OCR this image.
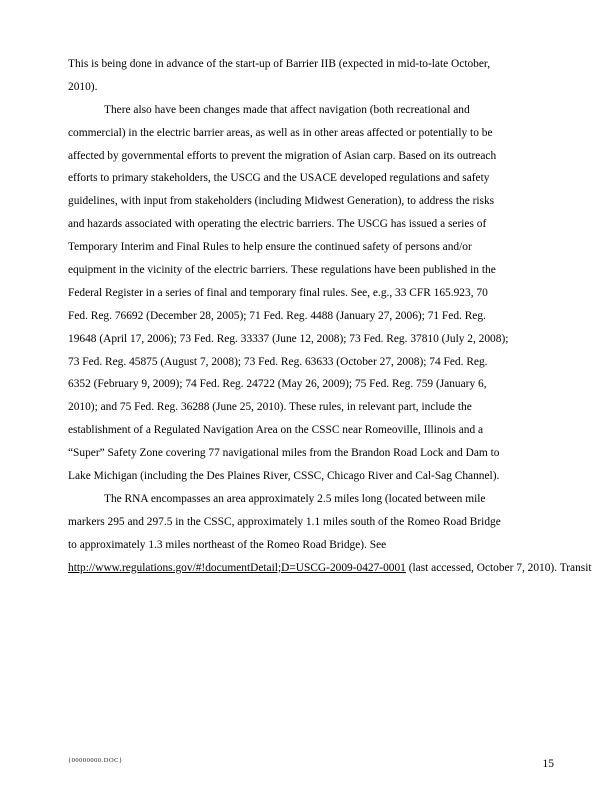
This is being done in advance of the start-up of Barrier IIB (expected in mid-to-late October,
2010).
There also have been changes made that affect navigation (both recreational and
commercial) in the electric barrier areas, as well as in other areas affected or potentially to be
affected by governmental efforts to prevent the migration of Asian carp. Based on its outreach
efforts to primary stakeholders, the USCG and the USACE developed regulations and safety
guidelines, with input from stakeholders (including Midwest Generation), to address the risks
and hazards associated with operating the electric barriers. The USCG has issued a series of
Temporary Interim and Final Rules to help ensure the continued safety of persons and/or
equipment in the vicinity of the electric barriers. These regulations have been published in the
Federal Register in a series of final and temporary final rules. See, e.g., 33 CFR 165.923, 70
Fed. Reg. 76692 (December 28, 2005); 71 Fed. Reg. 4488 (January 27, 2006); 71 Fed. Reg.
19648 (April 17, 2006); 73 Fed. Reg. 33337 (June 12, 2008); 73 Fed. Reg. 37810 (July 2, 2008);
73 Fed. Reg. 45875 (August 7, 2008); 73 Fed. Reg. 63633 (October 27, 2008); 74 Fed. Reg.
6352 (February 9, 2009); 74 Fed. Reg. 24722 (May 26, 2009); 75 Fed. Reg. 759 (January 6,
2010); and 75 Fed. Reg. 36288 (June 25, 2010). These rules, in relevant part, include the
establishment of a Regulated Navigation Area on the CSSC near Romeoville, Illinois and a
“Super” Safety Zone covering 77 navigational miles from the Brandon Road Lock and Dam to
Lake Michigan (including the Des Plaines River, CSSC, Chicago River and Cal-Sag Channel).
The RNA encompasses an area approximately 2.5 miles long (located between mile
markers 295 and 297.5 in the CSSC, approximately 1.1 miles south of the Romeo Road Bridge
to approximately 1.3 miles northeast of the Romeo Road Bridge). See
http://www.regulations.gov/#!documentDetail;D=USCG-2009-0427-0001 (last accessed, October 7, 2010). Transit
{00000000.DOC}	15
